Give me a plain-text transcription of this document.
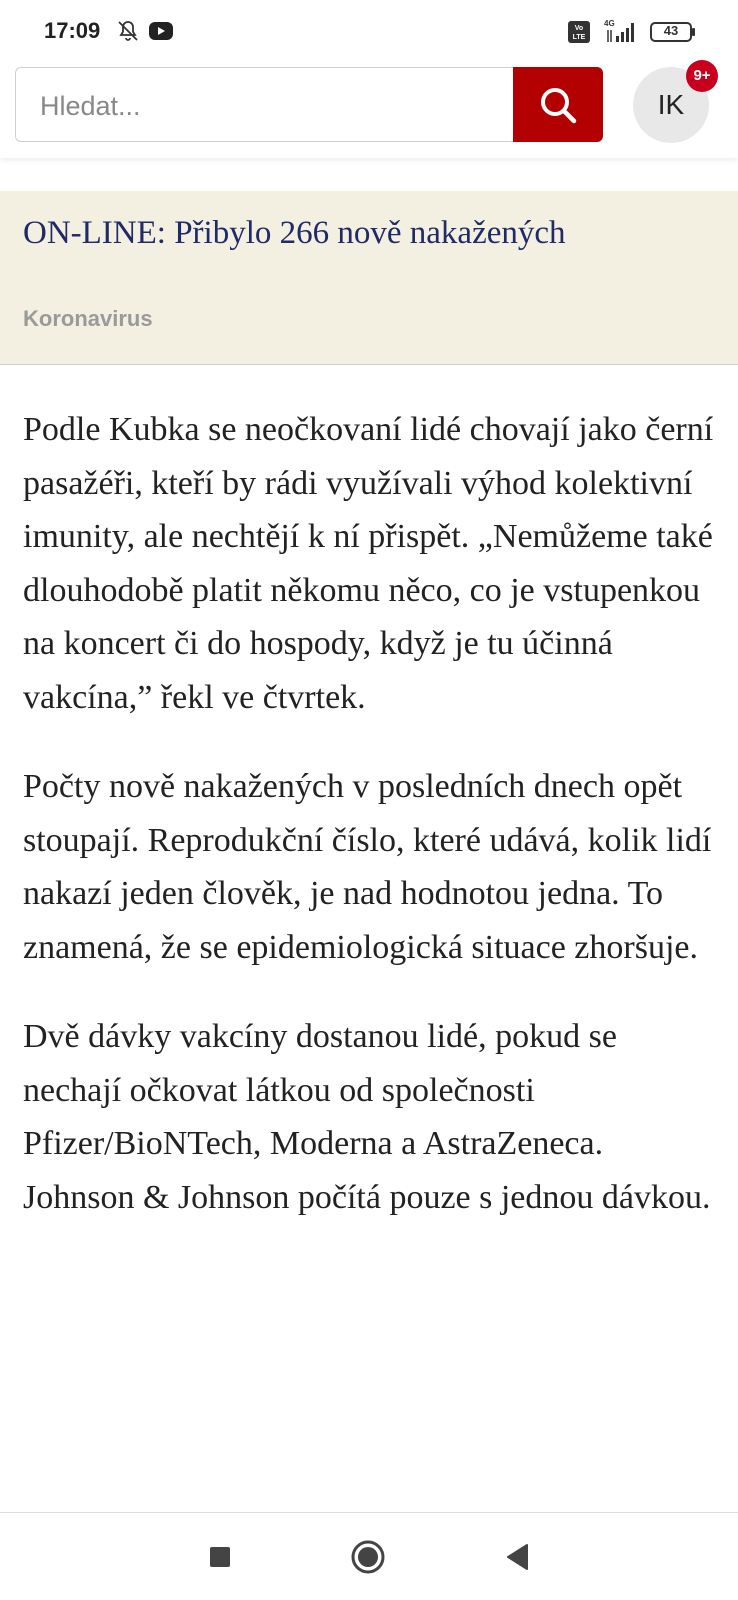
17:09	Vo
LTE
4G	43
Hledat...
IK
9+
ON-LINE: Přibylo 266 nově nakažených
Koronavirus

Podle Kubka se neočkovaní lidé chovají jako černí pasažéři, kteří by rádi využívali výhod kolektivní imunity, ale nechtějí k ní přispět. „Nemůžeme také dlouhodobě platit někomu něco, co je vstupenkou na koncert či do hospody, když je tu účinná vakcína,” řekl ve čtvrtek.

Počty nově nakažených v posledních dnech opět stoupají. Reprodukční číslo, které udává, kolik lidí nakazí jeden člověk, je nad hodnotou jedna. To znamená, že se epidemiologická situace zhoršuje.

Dvě dávky vakcíny dostanou lidé, pokud se nechají očkovat látkou od společnosti Pfizer/BioNTech, Moderna a AstraZeneca. Johnson & Johnson počítá pouze s jednou dávkou.
